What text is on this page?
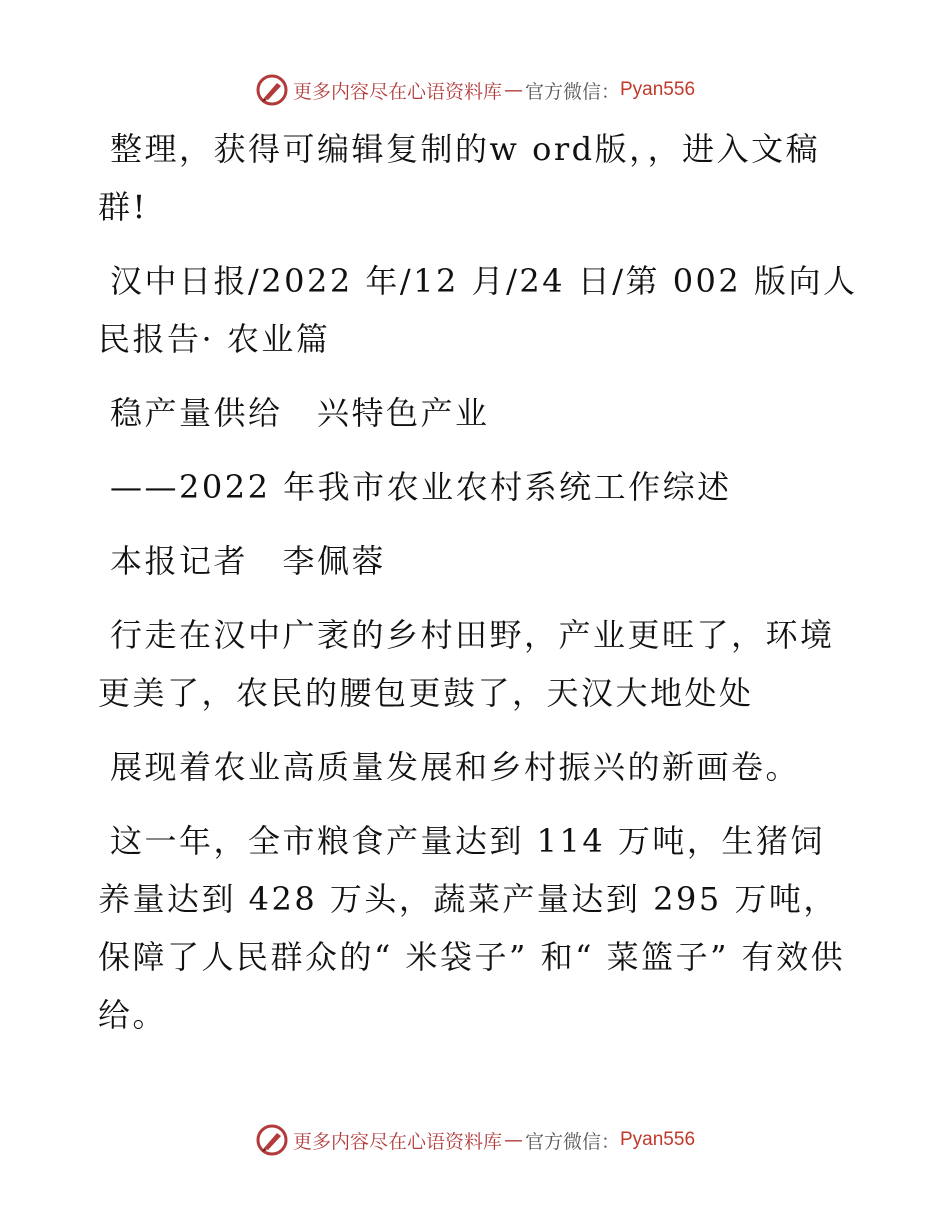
更多内容尽在心语资料库 — 官方微信： Pyan556

整理，获得可编辑复制的w ord版，，进入文稿群!

汉中日报/2022 年/12 月/24 日/第 002 版向人民报告· 农业篇

稳产量供给　兴特色产业

——2022 年我市农业农村系统工作综述

本报记者　李佩蓉

行走在汉中广袤的乡村田野，产业更旺了，环境更美了，农民的腰包更鼓了，天汉大地处处

展现着农业高质量发展和乡村振兴的新画卷。

这一年，全市粮食产量达到 114 万吨，生猪饲养量达到 428 万头，蔬菜产量达到 295 万吨，保障了人民群众的“ 米袋子” 和“ 菜篮子” 有效供给。

更多内容尽在心语资料库 — 官方微信： Pyan556
